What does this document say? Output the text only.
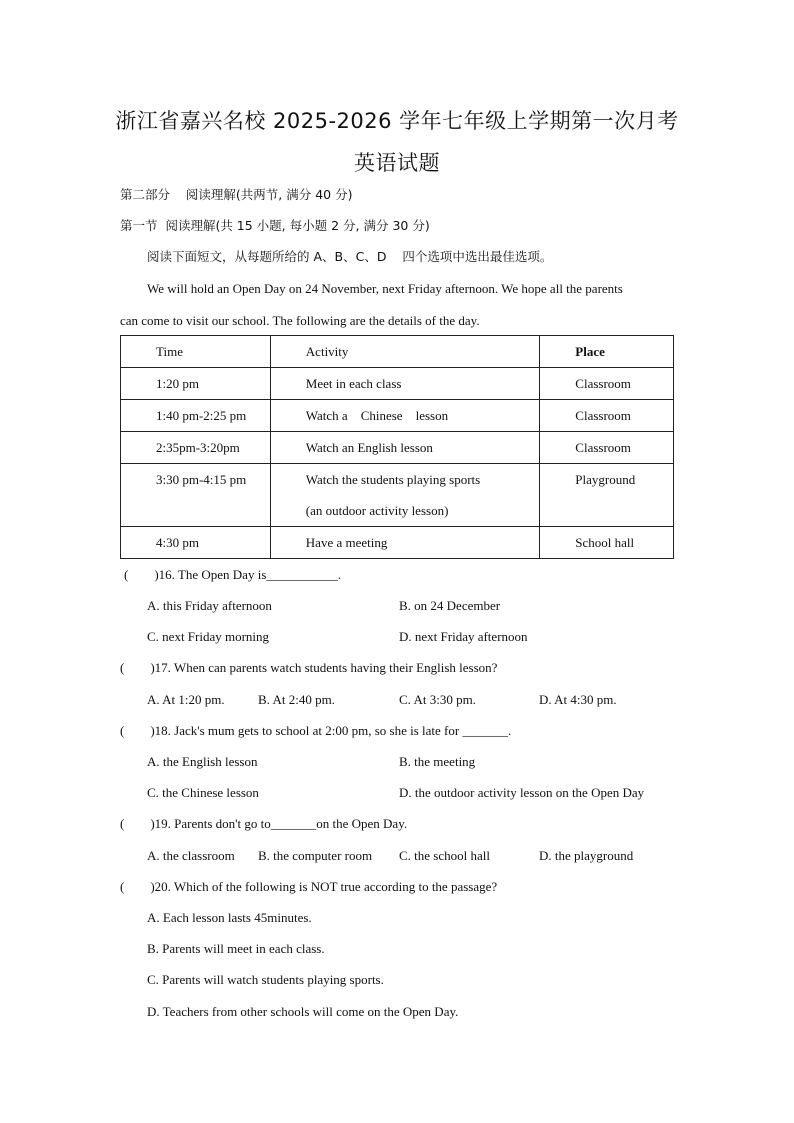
浙江省嘉兴名校 2025-2026 学年七年级上学期第一次月考
英语试题
第二部分    阅读理解(共两节, 满分 40 分)
第一节  阅读理解(共 15 小题, 每小题 2 分, 满分 30 分)
阅读下面短文，从每题所给的 A、B、C、D    四个选项中选出最佳选项。
We will hold an Open Day on 24 November, next Friday afternoon. We hope all the parents
can come to visit our school. The following are the details of the day.
Time	Activity	Place

1:20 pm	Meet in each class	Classroom

1:40 pm-2:25 pm	Watch a    Chinese    lesson	Classroom

2:35pm-3:20pm	Watch an English lesson	Classroom

3:30 pm-4:15 pm	Watch the students playing sports
(an outdoor activity lesson)	Playground

4:30 pm	Have a meeting	School hall
(        )16. The Open Day is___________.
A. this Friday afternoon	B. on 24 December
C. next Friday morning	D. next Friday afternoon
(        )17. When can parents watch students having their English lesson?
A. At 1:20 pm.	B. At 2:40 pm.	C. At 3:30 pm.	D. At 4:30 pm.
(        )18. Jack's mum gets to school at 2:00 pm, so she is late for _______.
A. the English lesson	B. the meeting
C. the Chinese lesson	D. the outdoor activity lesson on the Open Day
(        )19. Parents don't go to_______on the Open Day.
A. the classroom B. the computer room C. the school hall	D. the playground
(        )20. Which of the following is NOT true according to the passage?
A. Each lesson lasts 45minutes.
B. Parents will meet in each class.
C. Parents will watch students playing sports.
D. Teachers from other schools will come on the Open Day.
